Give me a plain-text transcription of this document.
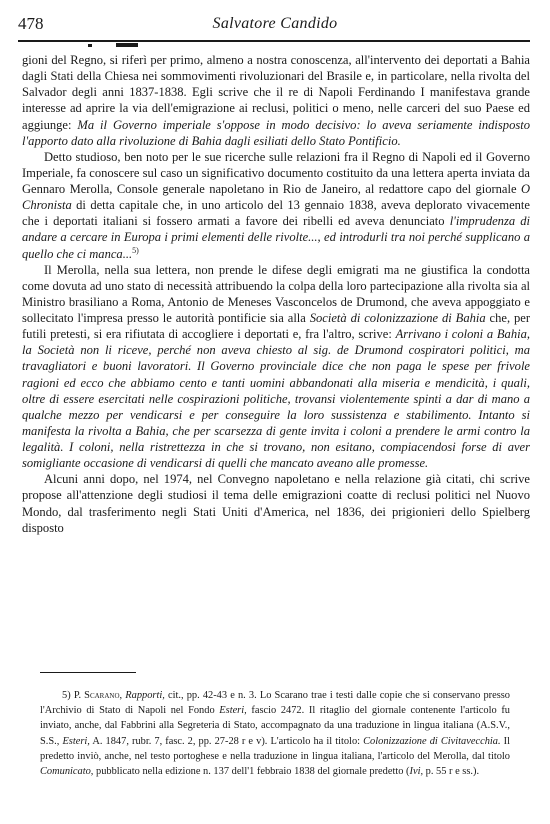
478	Salvatore Candido

gioni del Regno, si riferì per primo, almeno a nostra conoscenza, all'intervento dei deportati a Bahia dagli Stati della Chiesa nei sommovimenti rivoluzionari del Brasile e, in particolare, nella rivolta del Salvador degli anni 1837-1838. Egli scrive che il re di Napoli Ferdinando I manifestava grande interesse ad aprire la via dell'emigrazione ai reclusi, politici o meno, nelle carceri del suo Paese ed aggiunge: Ma il Governo imperiale s'oppose in modo decisivo: lo aveva seriamente indisposto l'apporto dato alla rivoluzione di Bahia dagli esiliati dello Stato Pontificio.

Detto studioso, ben noto per le sue ricerche sulle relazioni fra il Regno di Napoli ed il Governo Imperiale, fa conoscere sul caso un significativo documento costituito da una lettera aperta inviata da Gennaro Merolla, Console generale napoletano in Rio de Janeiro, al redattore capo del giornale O Chronista di detta capitale che, in uno articolo del 13 gennaio 1838, aveva deplorato vivacemente che i deportati italiani si fossero armati a favore dei ribelli ed aveva denunciato l'imprudenza di andare a cercare in Europa i primi elementi delle rivolte..., ed introdurli tra noi perché supplicano a quello che ci manca...$^{5)}$

Il Merolla, nella sua lettera, non prende le difese degli emigrati ma ne giustifica la condotta come dovuta ad uno stato di necessità attribuendo la colpa della loro partecipazione alla rivolta sia al Ministro brasiliano a Roma, Antonio de Meneses Vasconcelos de Drumond, che aveva appoggiato e sollecitato l'impresa presso le autorità pontificie sia alla Società di colonizzazione di Bahia che, per futili pretesti, si era rifiutata di accogliere i deportati e, fra l'altro, scrive: Arrivano i coloni a Bahia, la Società non li riceve, perché non aveva chiesto al sig. de Drumond cospiratori politici, ma travagliatori e buoni lavoratori. Il Governo provinciale dice che non paga le spese per frivole ragioni ed ecco che abbiamo cento e tanti uomini abbandonati alla miseria e mendicità, i quali, oltre di essere esercitati nelle cospirazioni politiche, trovansi violentemente spinti a dar di mano a qualche mezzo per vendicarsi e per conseguire la loro sussistenza e stabilimento. Intanto si manifesta la rivolta a Bahia, che per scarsezza di gente invita i coloni a prendere le armi contro la legalità. I coloni, nella ristrettezza in che si trovano, non esitano, compiacendosi forse di aver somigliante occasione di vendicarsi di quelli che mancato aveano alle promesse.

Alcuni anni dopo, nel 1974, nel Convegno napoletano e nella relazione già citati, chi scrive propose all'attenzione degli studiosi il tema delle emigrazioni coatte di reclusi politici nel Nuovo Mondo, dal trasferimento negli Stati Uniti d'America, nel 1836, dei prigionieri dello Spielberg disposto

5) P. Scarano, Rapporti, cit., pp. 42-43 e n. 3. Lo Scarano trae i testi dalle copie che si conservano presso l'Archivio di Stato di Napoli nel Fondo Esteri, fascio 2472. Il ritaglio del giornale contenente l'articolo fu inviato, anche, dal Fabbrini alla Segreteria di Stato, accompagnato da una traduzione in lingua italiana (A.S.V., S.S., Esteri, A. 1847, rubr. 7, fasc. 2, pp. 27-28 r e v). L'articolo ha il titolo: Colonizzazione di Civitavecchia. Il predetto inviò, anche, nel testo portoghese e nella traduzione in lingua italiana, l'articolo del Merolla, dal titolo Comunicato, pubblicato nella edizione n. 137 dell'1 febbraio 1838 del giornale predetto (Ivi, p. 55 r e ss.).
